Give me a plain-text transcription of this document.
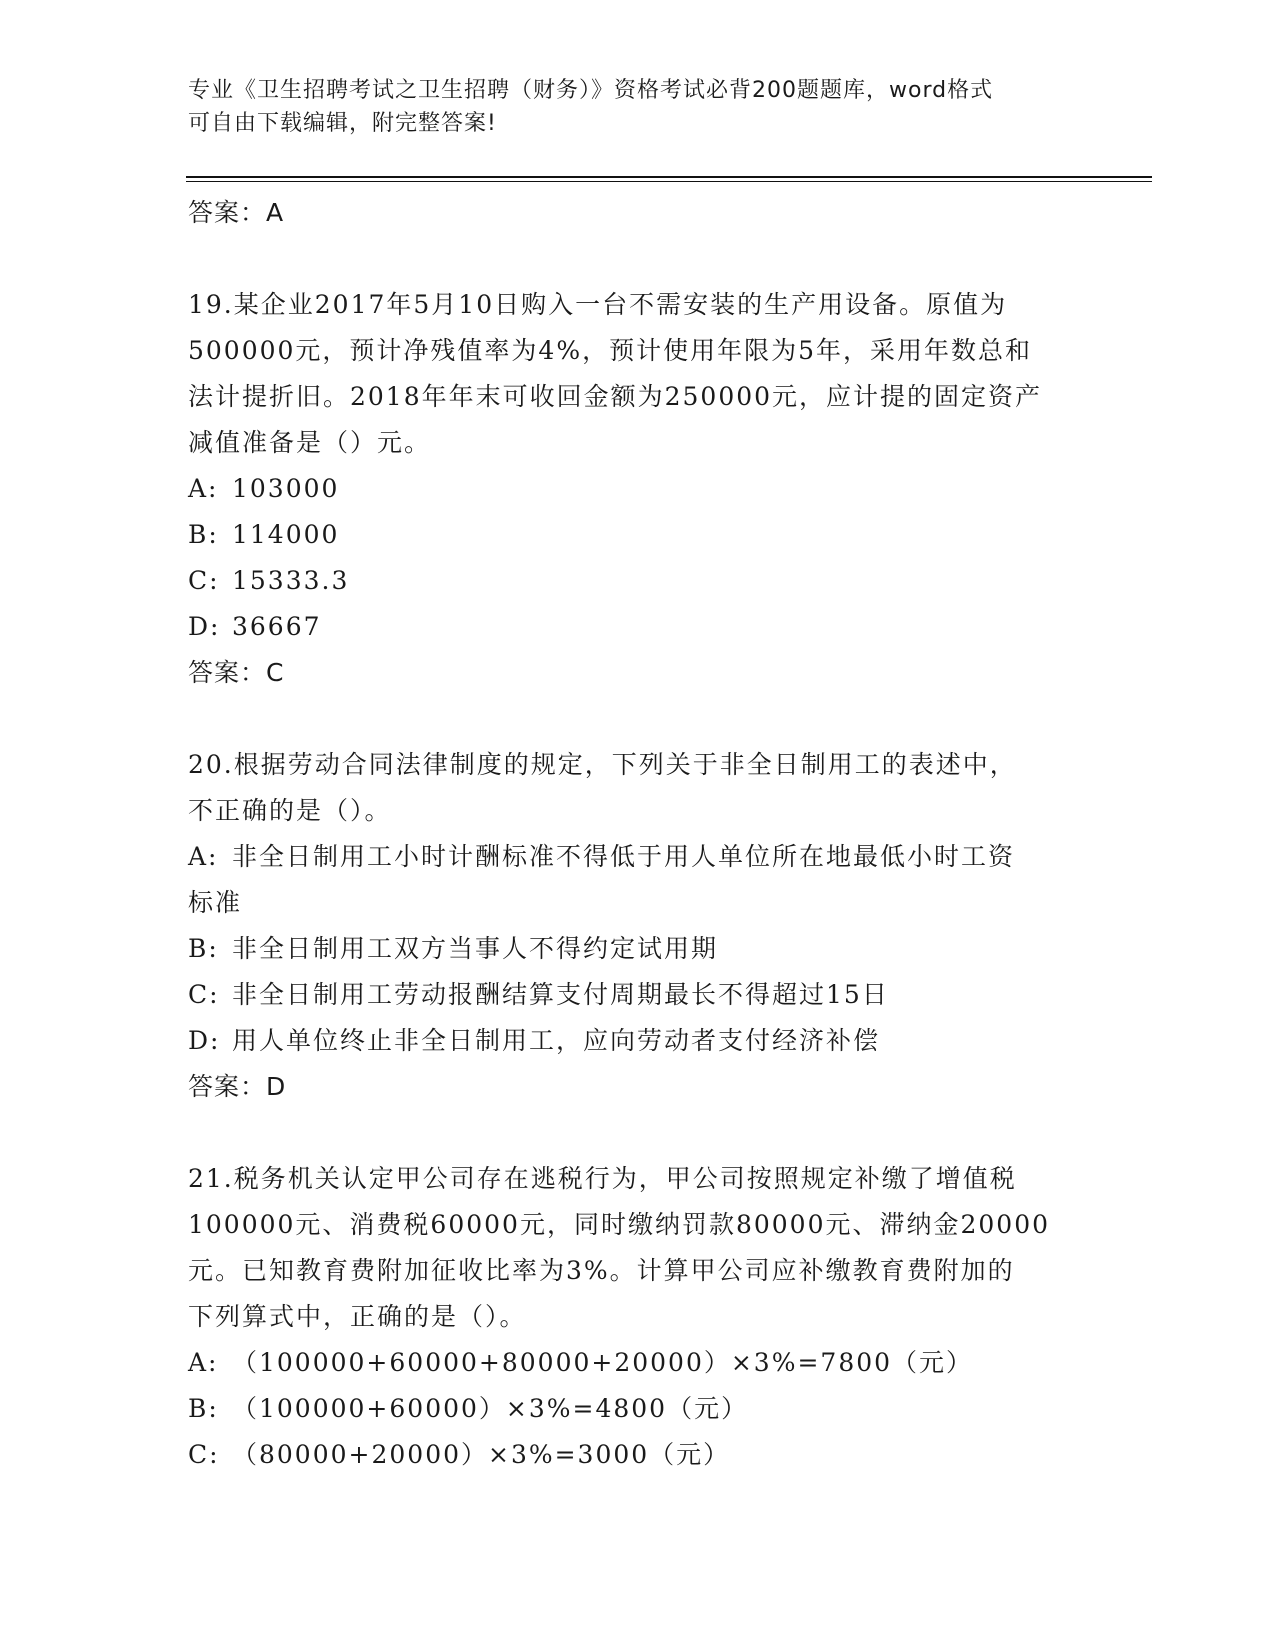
专业《卫生招聘考试之卫生招聘（财务）》资格考试必背200题题库，word格式
可自由下载编辑，附完整答案!
答案：A
19.某企业2017年5月10日购入一台不需安装的生产用设备。原值为
500000元，预计净残值率为4%，预计使用年限为5年，采用年数总和
法计提折旧。2018年年末可收回金额为250000元，应计提的固定资产
减值准备是（）元。
A: 103000
B: 114000
C: 15333.3
D: 36667
答案：C
20.根据劳动合同法律制度的规定，下列关于非全日制用工的表述中，
不正确的是（）。
A: 非全日制用工小时计酬标准不得低于用人单位所在地最低小时工资
标准
B: 非全日制用工双方当事人不得约定试用期
C: 非全日制用工劳动报酬结算支付周期最长不得超过15日
D: 用人单位终止非全日制用工，应向劳动者支付经济补偿
答案：D
21.税务机关认定甲公司存在逃税行为，甲公司按照规定补缴了增值税
100000元、消费税60000元，同时缴纳罚款80000元、滞纳金20000
元。已知教育费附加征收比率为3%。计算甲公司应补缴教育费附加的
下列算式中，正确的是（）。
A: （100000+60000+80000+20000）×3%=7800（元）
B: （100000+60000）×3%=4800（元）
C: （80000+20000）×3%=3000（元）
